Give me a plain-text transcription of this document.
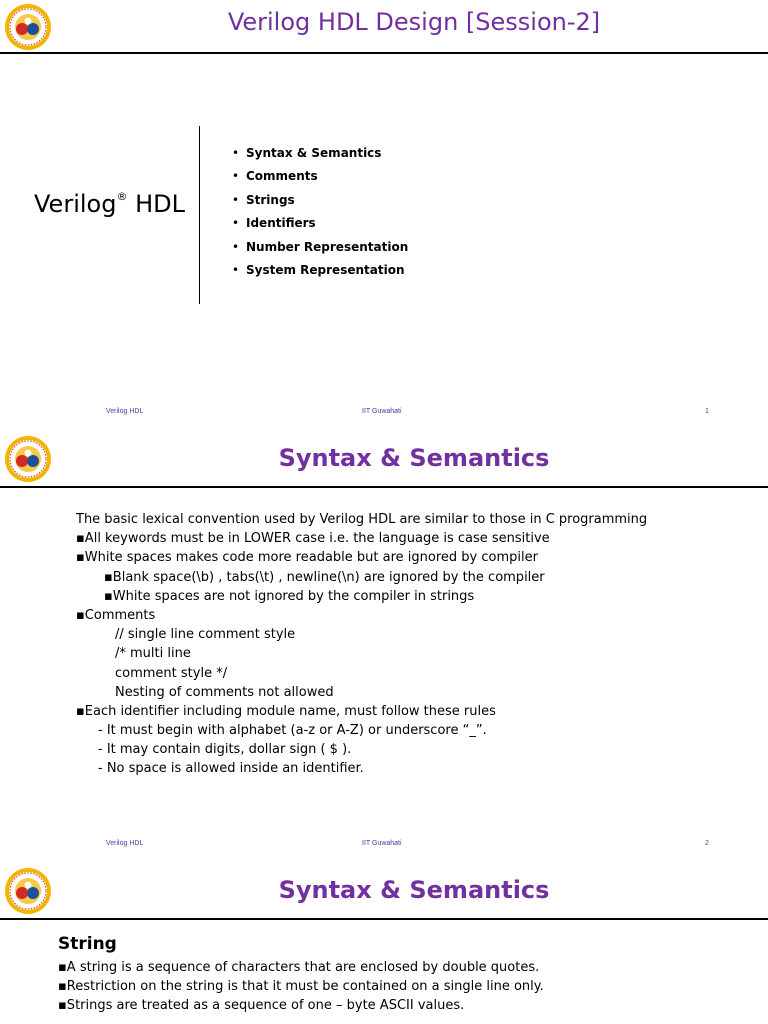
Verilog HDL Design [Session-2]
Verilog® HDL
• Syntax & Semantics
• Comments
• Strings
• Identifiers
• Number Representation
• System Representation
Verilog HDL	IIT Guwahati	1
Syntax & Semantics
The basic lexical convention used by Verilog HDL are similar to those in C programming
▪All keywords must be in LOWER case i.e. the language is case sensitive
▪White spaces makes code more readable but are ignored by compiler
▪Blank space(\b) , tabs(\t) , newline(\n) are ignored by the compiler
▪White spaces are not ignored by the compiler in strings
▪Comments
// single line comment style
/* multi line
comment style */
Nesting of comments not allowed
▪Each identifier including module name, must follow these rules
- It must begin with alphabet (a-z or A-Z) or underscore “_”.
- It may contain digits, dollar sign ( $ ).
- No space is allowed inside an identifier.
Verilog HDL	IIT Guwahati	2
Syntax & Semantics
String
▪A string is a sequence of characters that are enclosed by double quotes.
▪Restriction on the string is that it must be contained on a single line only.
▪Strings are treated as a sequence of one – byte ASCII values.
